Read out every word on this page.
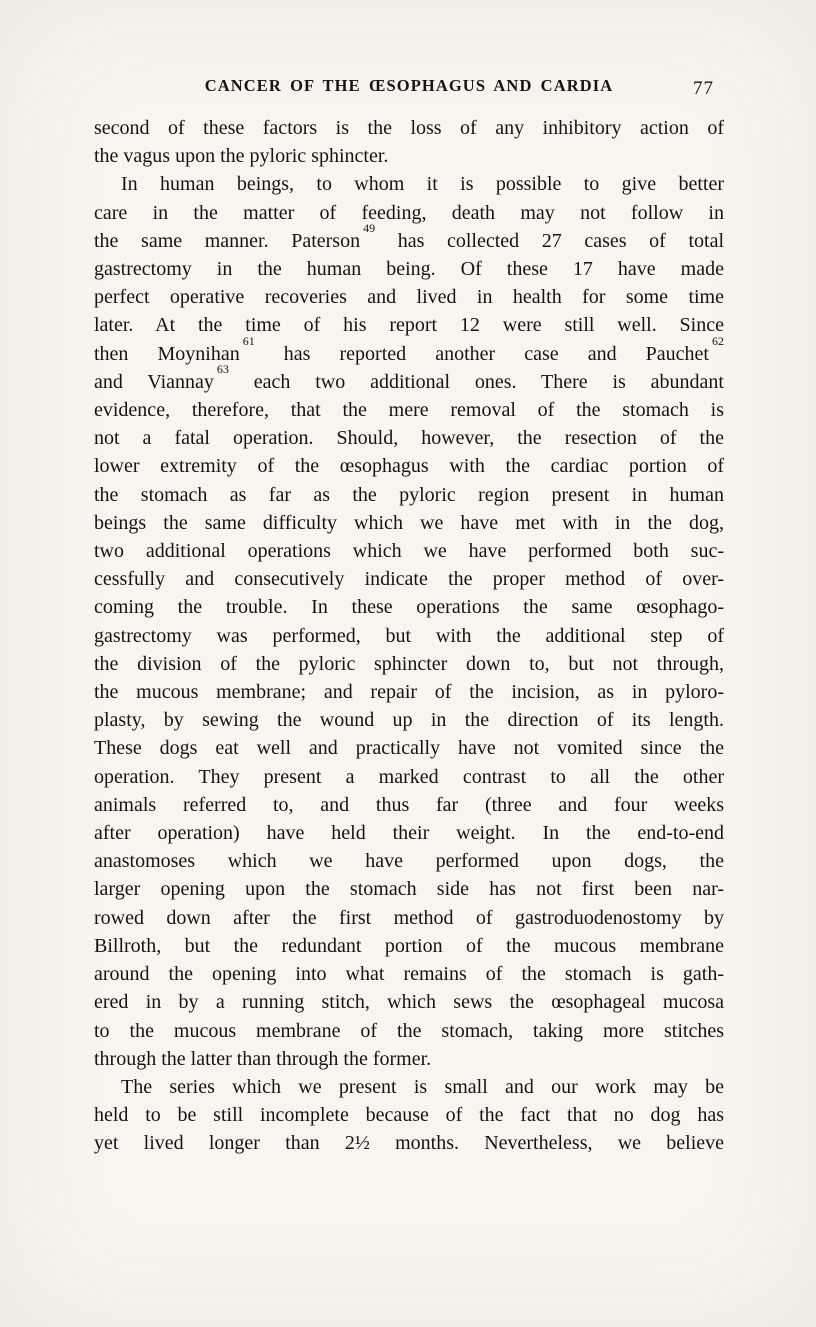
CANCER OF THE ŒSOPHAGUS AND CARDIA	77
second of these factors is the loss of any inhibitory action of
the vagus upon the pyloric sphincter.
In human beings, to whom it is possible to give better
care in the matter of feeding, death may not follow in
the same manner. Paterson$^{49}$ has collected 27 cases of total
gastrectomy in the human being. Of these 17 have made
perfect operative recoveries and lived in health for some time
later. At the time of his report 12 were still well. Since
then Moynihan$^{61}$ has reported another case and Pauchet$^{62}$
and Viannay$^{63}$ each two additional ones. There is abundant
evidence, therefore, that the mere removal of the stomach is
not a fatal operation. Should, however, the resection of the
lower extremity of the œsophagus with the cardiac portion of
the stomach as far as the pyloric region present in human
beings the same difficulty which we have met with in the dog,
two additional operations which we have performed both suc-
cessfully and consecutively indicate the proper method of over-
coming the trouble. In these operations the same œsophago-
gastrectomy was performed, but with the additional step of
the division of the pyloric sphincter down to, but not through,
the mucous membrane; and repair of the incision, as in pyloro-
plasty, by sewing the wound up in the direction of its length.
These dogs eat well and practically have not vomited since the
operation. They present a marked contrast to all the other
animals referred to, and thus far (three and four weeks
after operation) have held their weight. In the end-to-end
anastomoses which we have performed upon dogs, the
larger opening upon the stomach side has not first been nar-
rowed down after the first method of gastroduodenostomy by
Billroth, but the redundant portion of the mucous membrane
around the opening into what remains of the stomach is gath-
ered in by a running stitch, which sews the œsophageal mucosa
to the mucous membrane of the stomach, taking more stitches
through the latter than through the former.
The series which we present is small and our work may be
held to be still incomplete because of the fact that no dog has
yet lived longer than 2½ months. Nevertheless, we believe
